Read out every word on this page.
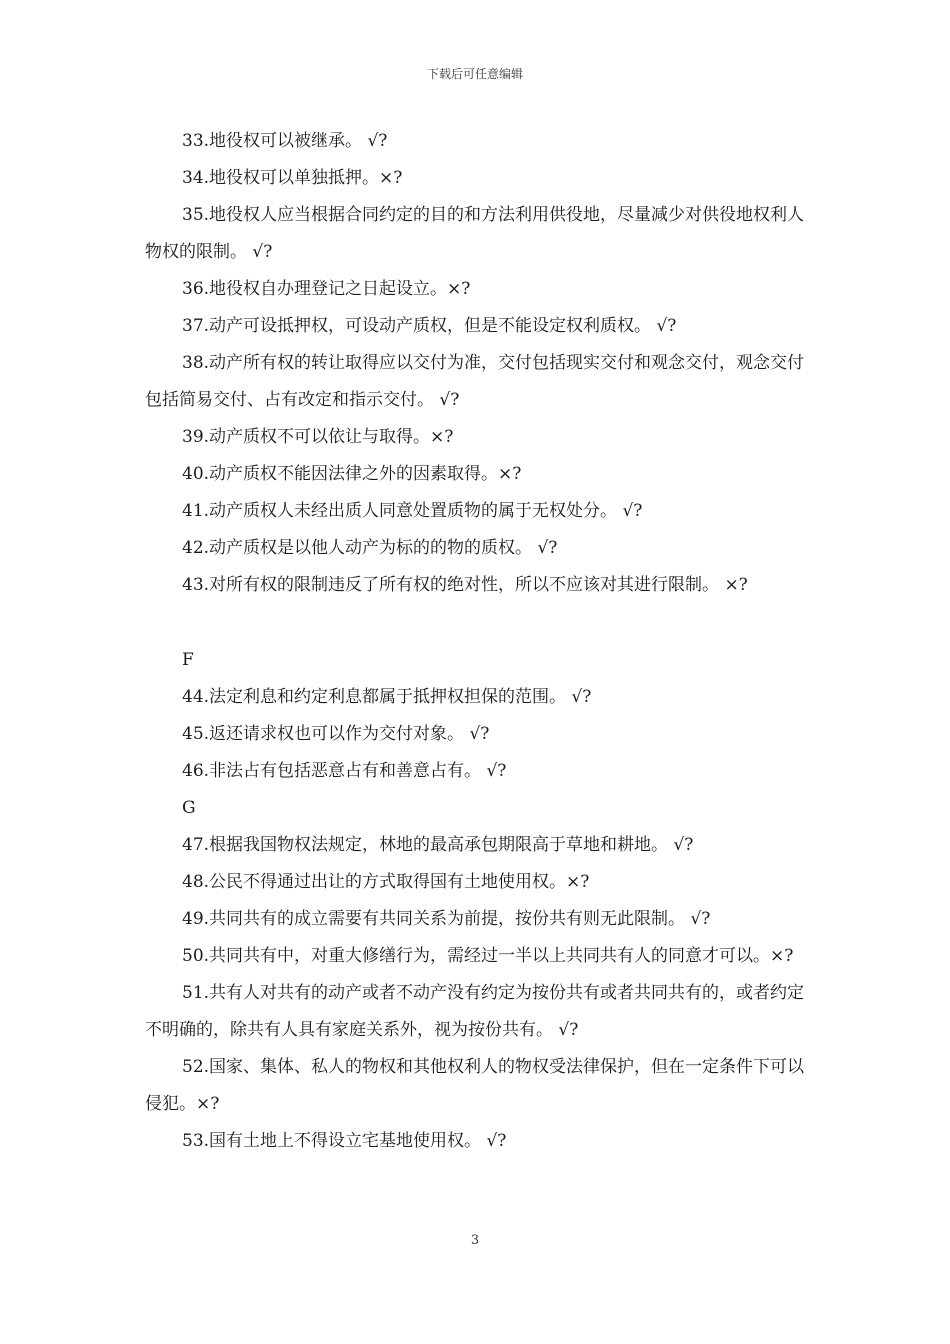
下载后可任意编辑

33.地役权可以被继承。 √?

34.地役权可以单独抵押。×?

35.地役权人应当根据合同约定的目的和方法利用供役地，尽量减少对供役地权利人物权的限制。 √?

36.地役权自办理登记之日起设立。×?

37.动产可设抵押权，可设动产质权，但是不能设定权利质权。 √?

38.动产所有权的转让取得应以交付为准，交付包括现实交付和观念交付，观念交付包括简易交付、占有改定和指示交付。 √?

39.动产质权不可以依让与取得。×?

40.动产质权不能因法律之外的因素取得。×?

41.动产质权人未经出质人同意处置质物的属于无权处分。 √?

42.动产质权是以他人动产为标的的物的质权。 √?

43.对所有权的限制违反了所有权的绝对性，所以不应该对其进行限制。 ×?

F

44.法定利息和约定利息都属于抵押权担保的范围。 √?

45.返还请求权也可以作为交付对象。 √?

46.非法占有包括恶意占有和善意占有。 √?

G

47.根据我国物权法规定，林地的最高承包期限高于草地和耕地。 √?

48.公民不得通过出让的方式取得国有土地使用权。×?

49.共同共有的成立需要有共同关系为前提，按份共有则无此限制。 √?

50.共同共有中，对重大修缮行为，需经过一半以上共同共有人的同意才可以。×?

51.共有人对共有的动产或者不动产没有约定为按份共有或者共同共有的，或者约定不明确的，除共有人具有家庭关系外，视为按份共有。 √?

52.国家、集体、私人的物权和其他权利人的物权受法律保护，但在一定条件下可以侵犯。×?

53.国有土地上不得设立宅基地使用权。 √?

3
